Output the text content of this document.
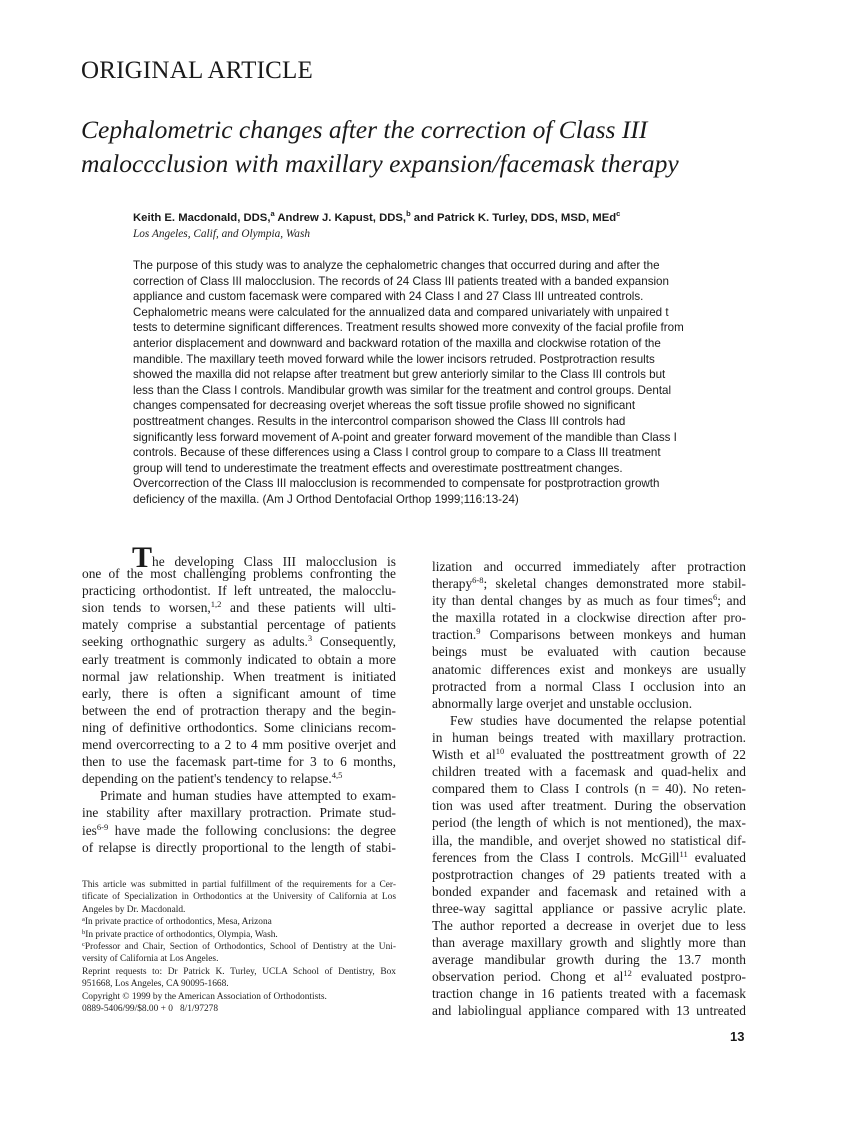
ORIGINAL ARTICLE
Cephalometric changes after the correction of Class III
maloccclusion with maxillary expansion/facemask therapy
Keith E. Macdonald, DDS,$^a$ Andrew J. Kapust, DDS,$^b$ and Patrick K. Turley, DDS, MSD, MEd$^c$
Los Angeles, Calif, and Olympia, Wash
The purpose of this study was to analyze the cephalometric changes that occurred during and after the
correction of Class III malocclusion. The records of 24 Class III patients treated with a banded expansion
appliance and custom facemask were compared with 24 Class I and 27 Class III untreated controls.
Cephalometric means were calculated for the annualized data and compared univariately with unpaired t
tests to determine significant differences. Treatment results showed more convexity of the facial profile from
anterior displacement and downward and backward rotation of the maxilla and clockwise rotation of the
mandible. The maxillary teeth moved forward while the lower incisors retruded. Postprotraction results
showed the maxilla did not relapse after treatment but grew anteriorly similar to the Class III controls but
less than the Class I controls. Mandibular growth was similar for the treatment and control groups. Dental
changes compensated for decreasing overjet whereas the soft tissue profile showed no significant
posttreatment changes. Results in the intercontrol comparison showed the Class III controls had
significantly less forward movement of A-point and greater forward movement of the mandible than Class I
controls. Because of these differences using a Class I control group to compare to a Class III treatment
group will tend to underestimate the treatment effects and overestimate posttreatment changes.
Overcorrection of the Class III malocclusion is recommended to compensate for postprotraction growth
deficiency of the maxilla. (Am J Orthod Dentofacial Orthop 1999;116:13-24)
The developing Class III malocclusion is
one of the most challenging problems confronting the
practicing orthodontist. If left untreated, the malocclu-
sion tends to worsen,$^{1,2}$ and these patients will ulti-
mately comprise a substantial percentage of patients
seeking orthognathic surgery as adults.$^3$ Consequently,
early treatment is commonly indicated to obtain a more
normal jaw relationship. When treatment is initiated
early, there is often a significant amount of time
between the end of protraction therapy and the begin-
ning of definitive orthodontics. Some clinicians recom-
mend overcorrecting to a 2 to 4 mm positive overjet and
then to use the facemask part-time for 3 to 6 months,
depending on the patient's tendency to relapse.$^{4,5}$
Primate and human studies have attempted to exam-
ine stability after maxillary protraction. Primate stud-
ies$^{6-9}$ have made the following conclusions: the degree
of relapse is directly proportional to the length of stabi-
This article was submitted in partial fulfillment of the requirements for a Cer-
tificate of Specialization in Orthodontics at the University of California at Los
Angeles by Dr. Macdonald.
$^a$In private practice of orthodontics, Mesa, Arizona
$^b$In private practice of orthodontics, Olympia, Wash.
$^c$Professor and Chair, Section of Orthodontics, School of Dentistry at the Uni-
versity of California at Los Angeles.
Reprint requests to: Dr Patrick K. Turley, UCLA School of Dentistry, Box
951668, Los Angeles, CA 90095-1668.
Copyright © 1999 by the American Association of Orthodontists.
0889-5406/99/$8.00 + 0   8/1/97278
lization and occurred immediately after protraction
therapy$^{6-8}$; skeletal changes demonstrated more stabil-
ity than dental changes by as much as four times$^6$; and
the maxilla rotated in a clockwise direction after pro-
traction.$^9$ Comparisons between monkeys and human
beings must be evaluated with caution because
anatomic differences exist and monkeys are usually
protracted from a normal Class I occlusion into an
abnormally large overjet and unstable occlusion.
Few studies have documented the relapse potential
in human beings treated with maxillary protraction.
Wisth et $al^{10}$ evaluated the posttreatment growth of 22
children treated with a facemask and quad-helix and
compared them to Class I controls (n = 40). No reten-
tion was used after treatment. During the observation
period (the length of which is not mentioned), the max-
illa, the mandible, and overjet showed no statistical dif-
ferences from the Class I controls. McGill$^{11}$ evaluated
postprotraction changes of 29 patients treated with a
bonded expander and facemask and retained with a
three-way sagittal appliance or passive acrylic plate.
The author reported a decrease in overjet due to less
than average maxillary growth and slightly more than
average mandibular growth during the 13.7 month
observation period. Chong et $al^{12}$ evaluated postpro-
traction change in 16 patients treated with a facemask
and labiolingual appliance compared with 13 untreated
13
